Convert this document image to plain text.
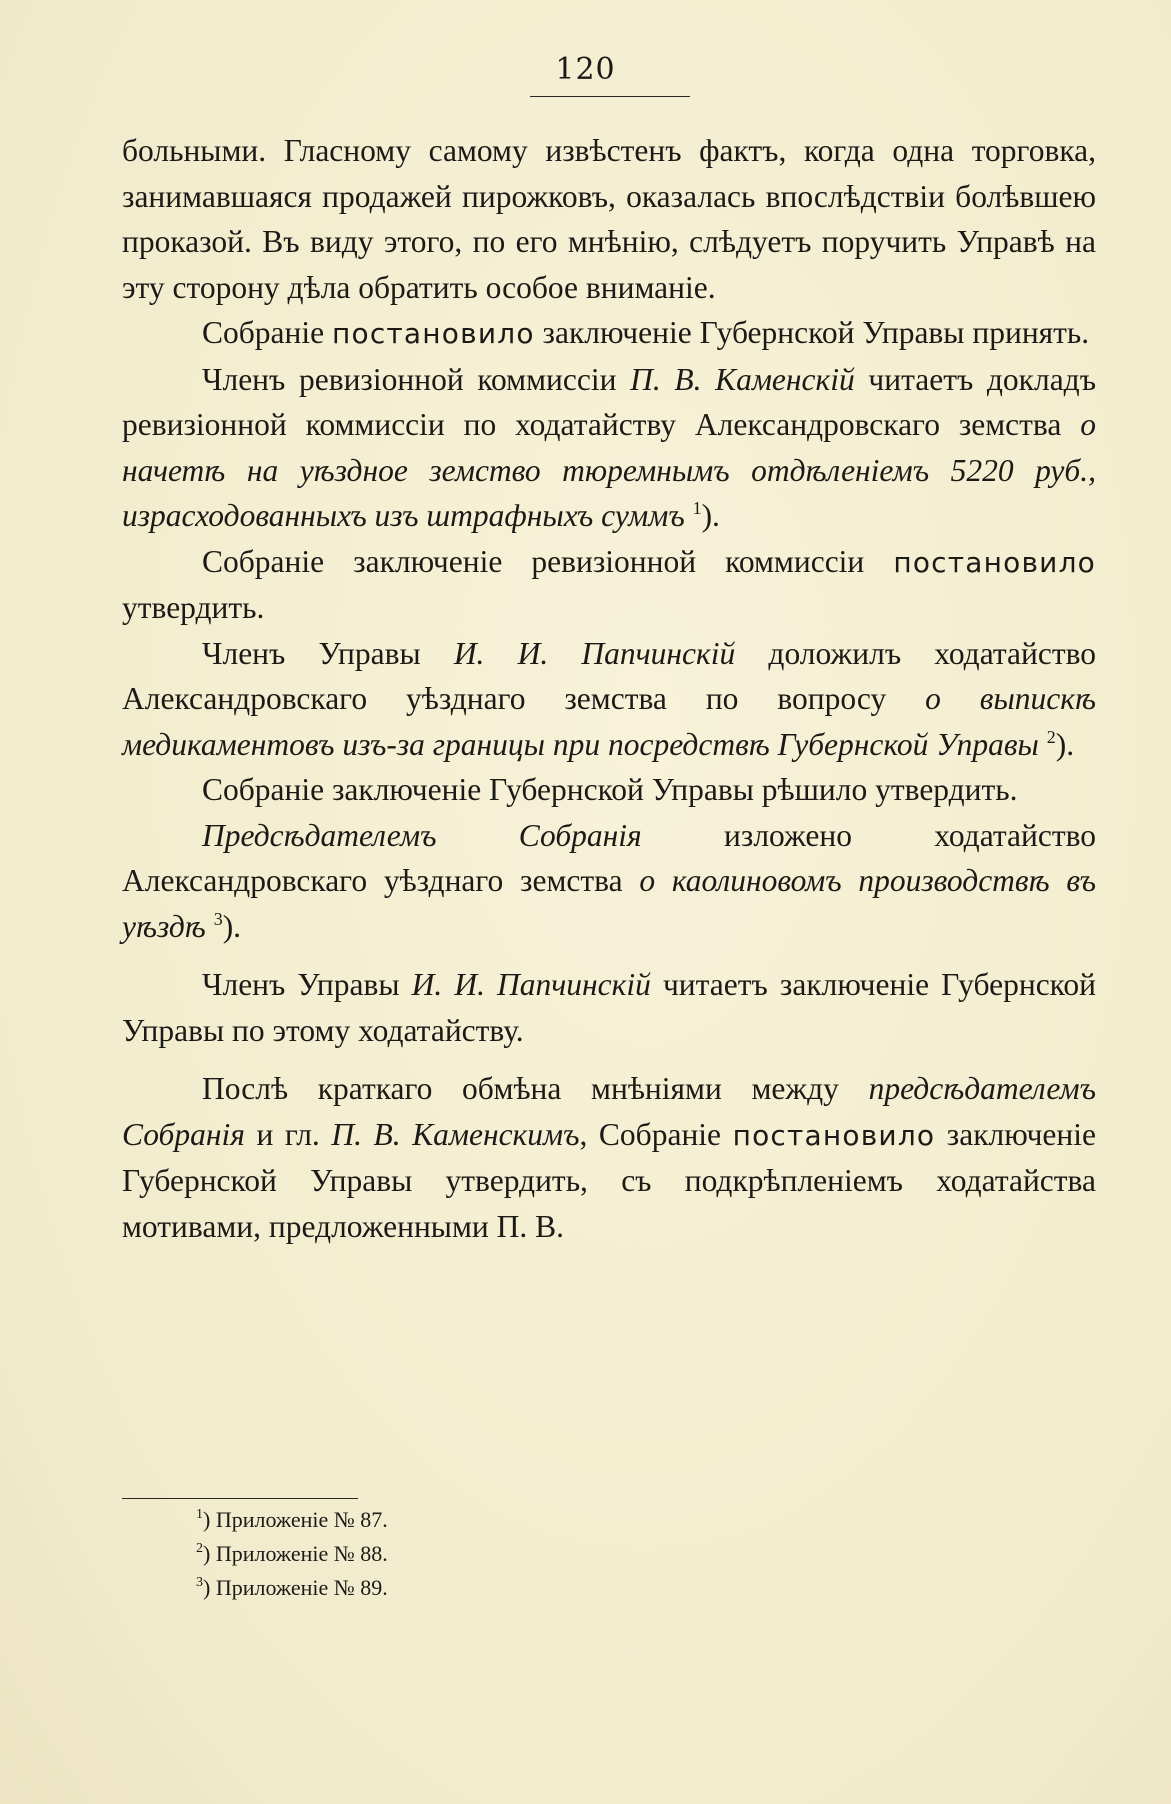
120

больными. Гласному самому извѣстенъ фактъ, когда одна торговка, занимавшаяся продажей пирожковъ, оказалась впослѣдствіи болѣвшею проказой. Въ виду этого, по его мнѣнію, слѣдуетъ поручить Управѣ на эту сторону дѣла обратить особое вниманіе.

Собраніе постановило заключеніе Губернской Управы принять.

Членъ ревизіонной коммиссіи П. В. Каменскій читаетъ докладъ ревизіонной коммиссіи по ходатайству Александровскаго земства о начетѣ на уѣздное земство тюремнымъ отдѣленіемъ 5220 руб., израсходованныхъ изъ штрафныхъ суммъ $^1$).

Собраніе заключеніе ревизіонной коммиссіи постановило утвердить.

Членъ Управы И. И. Папчинскій доложилъ ходатайство Александровскаго уѣзднаго земства по вопросу о выпискѣ медикаментовъ изъ-за границы при посредствѣ Губернской Управы $^2$).

Собраніе заключеніе Губернской Управы рѣшило утвердить.

Предсѣдателемъ Собранія изложено ходатайство Александровскаго уѣзднаго земства о каолиновомъ производствѣ въ уѣздѣ $^3$).

Членъ Управы И. И. Папчинскій читаетъ заключеніе Губернской Управы по этому ходатайству.

Послѣ краткаго обмѣна мнѣніями между предсѣдателемъ Собранія и гл. П. В. Каменскимъ, Собраніе постановило заключеніе Губернской Управы утвердить, съ подкрѣпленіемъ ходатайства мотивами, предложенными П. В.

$^1$) Приложеніе № 87.
$^2$) Приложеніе № 88.
$^3$) Приложеніе № 89.
